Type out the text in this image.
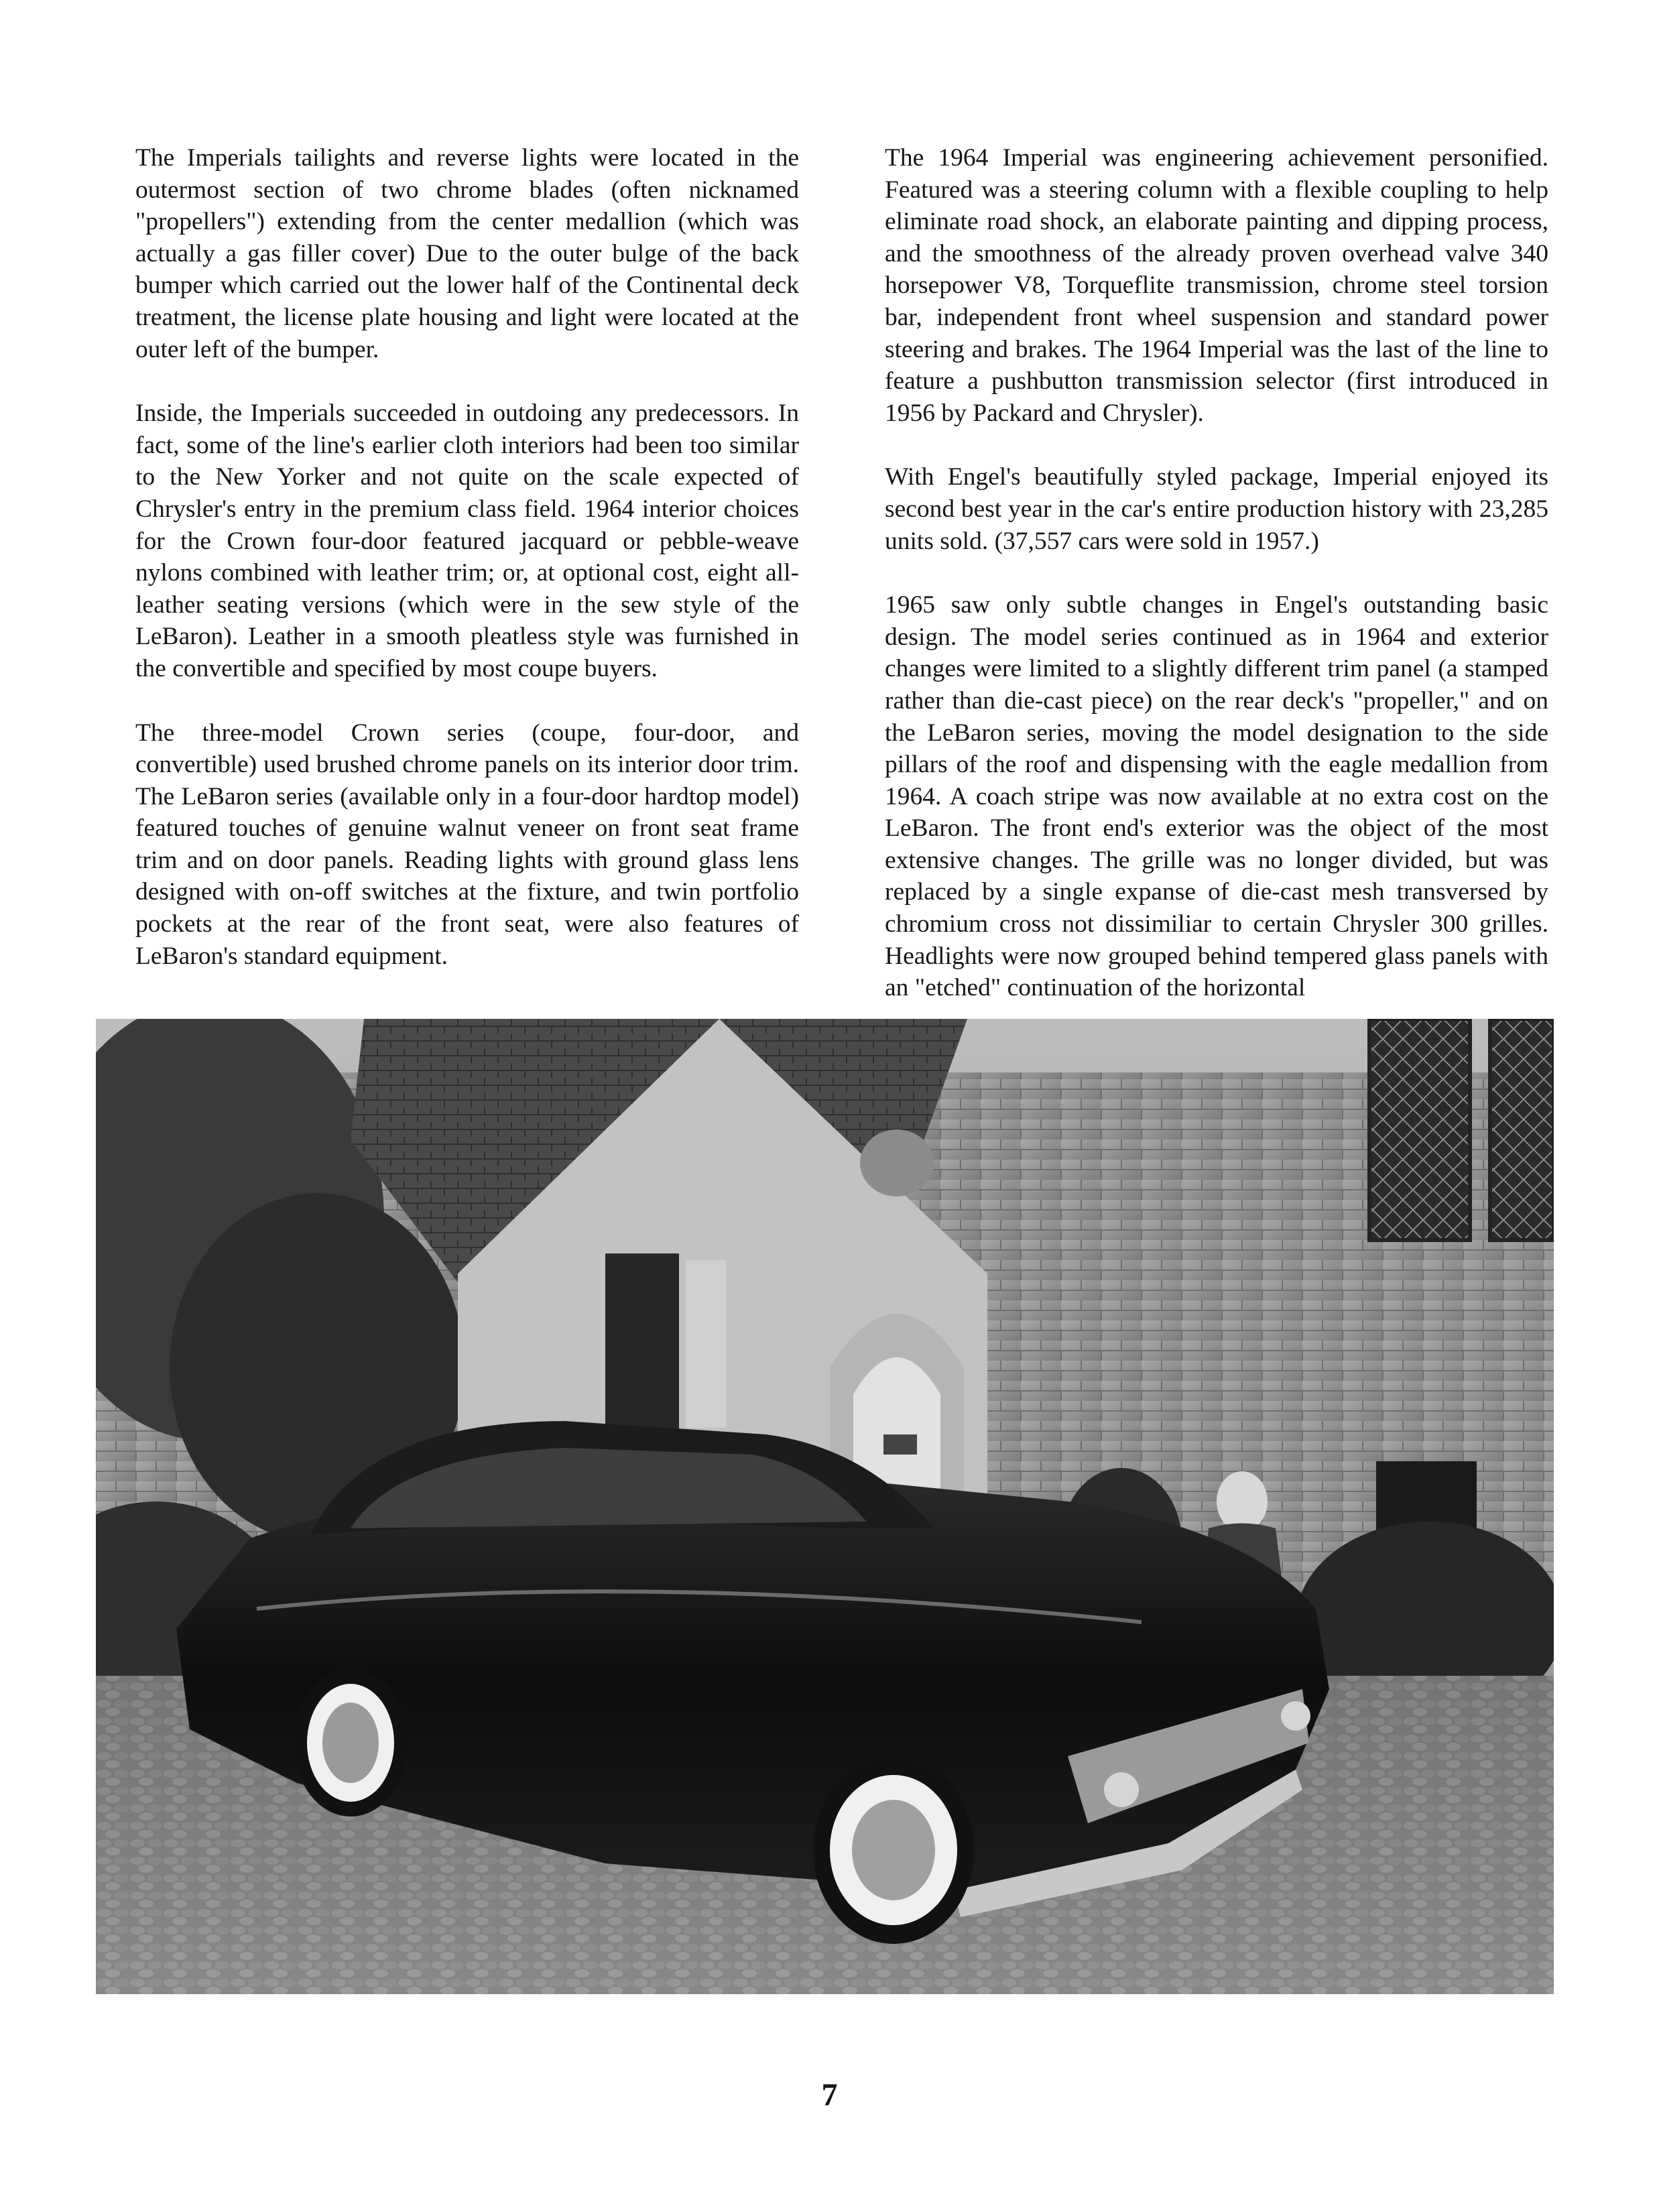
The Imperials tailights and reverse lights were located in the outermost section of two chrome blades (often nicknamed "propellers") extending from the center medallion (which was actually a gas filler cover) Due to the outer bulge of the back bumper which carried out the lower half of the Continental deck treatment, the license plate housing and light were located at the outer left of the bumper.

Inside, the Imperials succeeded in outdoing any predecessors. In fact, some of the line's earlier cloth interiors had been too similar to the New Yorker and not quite on the scale expected of Chrysler's entry in the premium class field. 1964 interior choices for the Crown four-door featured jacquard or pebble-weave nylons combined with leather trim; or, at optional cost, eight all-leather seating versions (which were in the sew style of the LeBaron). Leather in a smooth pleatless style was furnished in the convertible and specified by most coupe buyers.

The three-model Crown series (coupe, four-door, and convertible) used brushed chrome panels on its interior door trim. The LeBaron series (available only in a four-door hardtop model) featured touches of genuine walnut veneer on front seat frame trim and on door panels. Reading lights with ground glass lens designed with on-off switches at the fixture, and twin portfolio pockets at the rear of the front seat, were also features of LeBaron's standard equipment.

The 1964 Imperial was engineering achievement personified. Featured was a steering column with a flexible coupling to help eliminate road shock, an elaborate painting and dipping process, and the smoothness of the already proven overhead valve 340 horsepower V8, Torqueflite transmission, chrome steel torsion bar, independent front wheel suspension and standard power steering and brakes. The 1964 Imperial was the last of the line to feature a pushbutton transmission selector (first introduced in 1956 by Packard and Chrysler).

With Engel's beautifully styled package, Imperial enjoyed its second best year in the car's entire production history with 23,285 units sold. (37,557 cars were sold in 1957.)

1965 saw only subtle changes in Engel's outstanding basic design. The model series continued as in 1964 and exterior changes were limited to a slightly different trim panel (a stamped rather than die-cast piece) on the rear deck's "propeller," and on the LeBaron series, moving the model designation to the side pillars of the roof and dispensing with the eagle medallion from 1964. A coach stripe was now available at no extra cost on the LeBaron. The front end's exterior was the object of the most extensive changes. The grille was no longer divided, but was replaced by a single expanse of die-cast mesh transversed by chromium cross not dissimiliar to certain Chrysler 300 grilles. Headlights were now grouped behind tempered glass panels with an "etched" continuation of the horizontal

7
